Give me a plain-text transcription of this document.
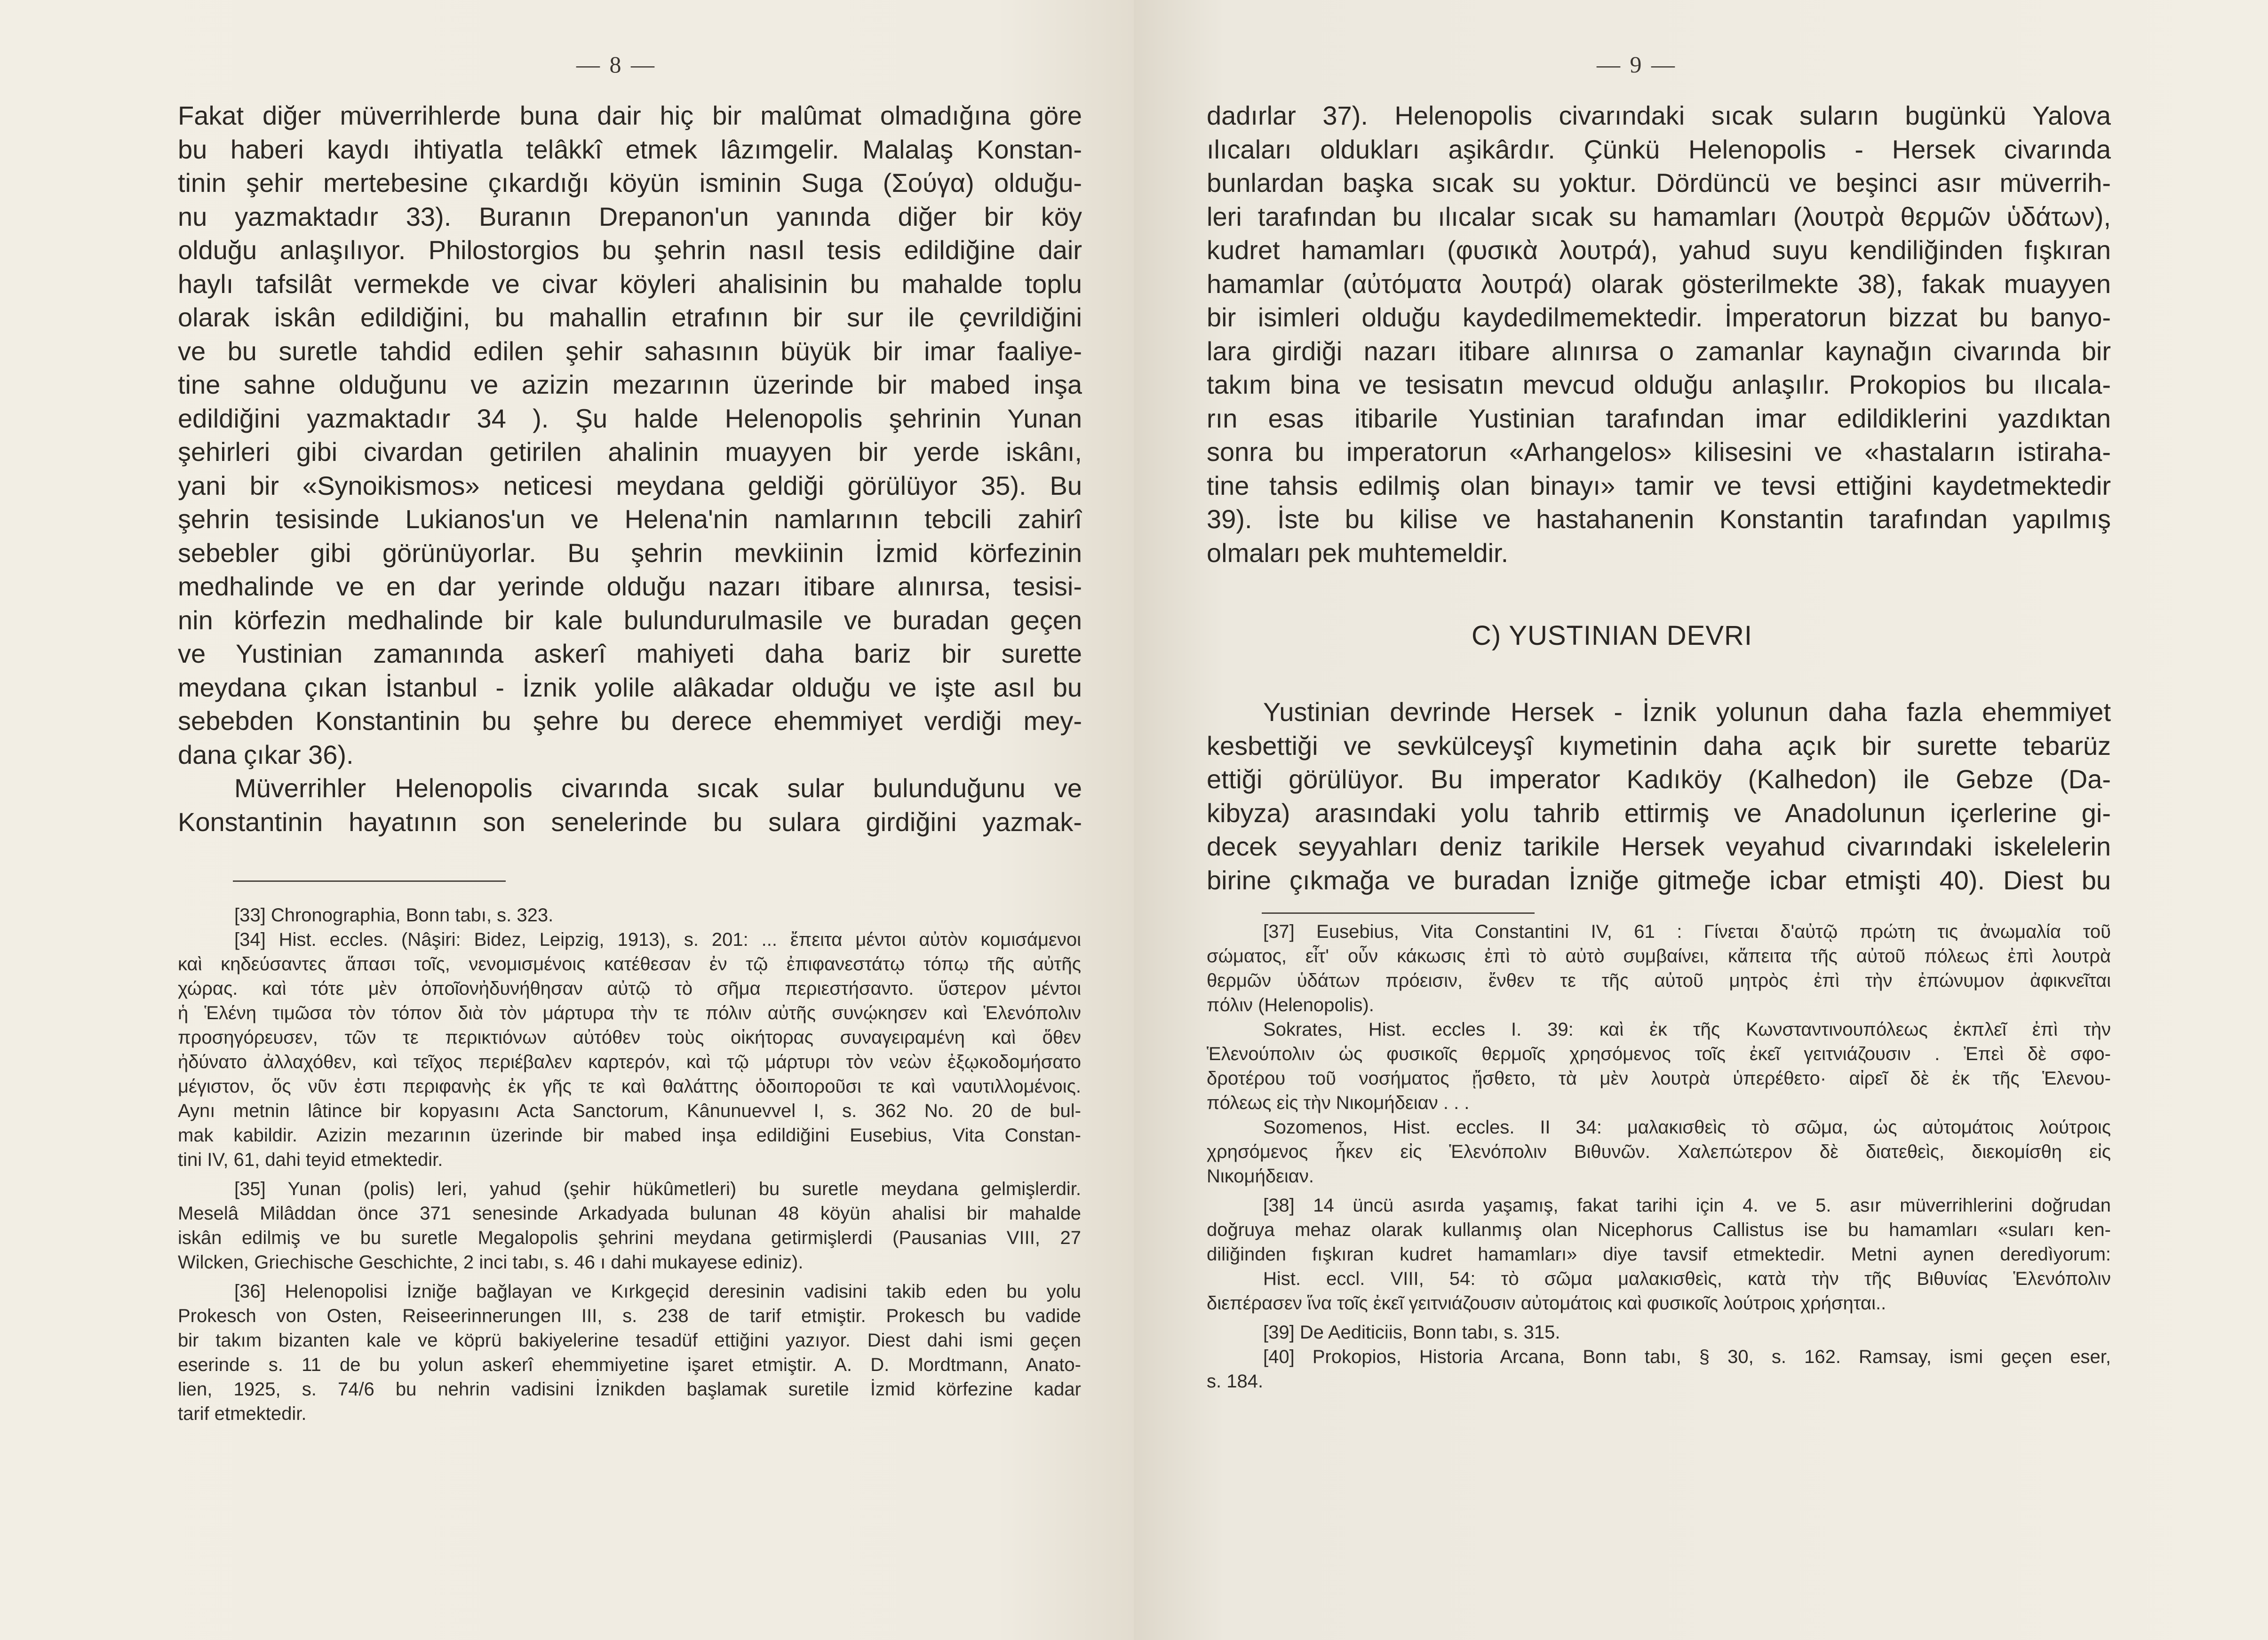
— 8 —
Fakat diğer müverrihlerde buna dair hiç bir malûmat olmadığına göre
bu haberi kaydı ihtiyatla telâkkî etmek lâzımgelir. Malalaş Konstan-
tinin şehir mertebesine çıkardığı köyün isminin Suga (Σούγα) olduğu-
nu yazmaktadır 33). Buranın Drepanon'un yanında diğer bir köy
olduğu anlaşılıyor. Philostorgios bu şehrin nasıl tesis edildiğine dair
haylı tafsilât vermekde ve civar köyleri ahalisinin bu mahalde toplu
olarak iskân edildiğini, bu mahallin etrafının bir sur ile çevrildiğini
ve bu suretle tahdid edilen şehir sahasının büyük bir imar faaliye-
tine sahne olduğunu ve azizin mezarının üzerinde bir mabed inşa
edildiğini yazmaktadır 34 ). Şu halde Helenopolis şehrinin Yunan
şehirleri gibi civardan getirilen ahalinin muayyen bir yerde iskânı,
yani bir «Synoikismos» neticesi meydana geldiği görülüyor 35). Bu
şehrin tesisinde Lukianos'un ve Helena'nin namlarının tebcili zahirî
sebebler gibi görünüyorlar. Bu şehrin mevkiinin İzmid körfezinin
medhalinde ve en dar yerinde olduğu nazarı itibare alınırsa, tesisi-
nin körfezin medhalinde bir kale bulundurulmasile ve buradan geçen
ve Yustinian zamanında askerî mahiyeti daha bariz bir surette
meydana çıkan İstanbul - İznik yolile alâkadar olduğu ve işte asıl bu
sebebden Konstantinin bu şehre bu derece ehemmiyet verdiği mey-
dana çıkar 36).
Müverrihler Helenopolis civarında sıcak sular bulunduğunu ve
Konstantinin hayatının son senelerinde bu sulara girdiğini yazmak-
[33] Chronographia, Bonn tabı, s. 323.
[34] Hist. eccles. (Nâşiri: Bidez, Leipzig, 1913), s. 201: ... ἔπειτα μέντοι αὐτὸν κομισάμενοι
καὶ κηδεύσαντες ἅπασι τοῖς, νενομισμένοις κατέθεσαν ἐν τῷ ἐπιφανεστάτῳ τόπῳ τῆς αὐτῆς
χώρας. καὶ τότε μὲν ὁποῖονἠδυνήθησαν αὐτῷ τὸ σῆμα περιεστήσαντο. ὕστερον μέντοι
ἡ Ἑλένη τιμῶσα τὸν τόπον διὰ τὸν μάρτυρα τὴν τε πόλιν αὐτῆς συνῴκησεν καὶ Ἑλενόπολιν
προσηγόρευσεν, τῶν τε περικτιόνων αὐτόθεν τοὺς οἰκήτορας συναγειραμένη καὶ ὅθεν
ἠδύνατο ἀλλαχόθεν, καὶ τεῖχος περιέβαλεν καρτερόν, καὶ τῷ μάρτυρι τὸν νεὼν ἐξῳκοδομήσατο
μέγιστον, ὅς νῦν ἐστι περιφανὴς ἐκ γῆς τε καὶ θαλάττης ὁδοιποροῦσι τε καὶ ναυτιλλομένοις.
Aynı metnin lâtince bir kopyasını Acta Sanctorum, Kânunuevvel I, s. 362 No. 20 de bul-
mak kabildir. Azizin mezarının üzerinde bir mabed inşa edildiğini Eusebius, Vita Constan-
tini IV, 61, dahi teyid etmektedir.
[35] Yunan (polis) leri, yahud (şehir hükûmetleri) bu suretle meydana gelmişlerdir.
Meselâ Milâddan önce 371 senesinde Arkadyada bulunan 48 köyün ahalisi bir mahalde
iskân edilmiş ve bu suretle Megalopolis şehrini meydana getirmişlerdi (Pausanias VIII, 27
Wilcken, Griechische Geschichte, 2 inci tabı, s. 46 ı dahi mukayese ediniz).
[36] Helenopolisi İzniğe bağlayan ve Kırkgeçid deresinin vadisini takib eden bu yolu
Prokesch von Osten, Reiseerinnerungen III, s. 238 de tarif etmiştir. Prokesch bu vadide
bir takım bizanten kale ve köprü bakiyelerine tesadüf ettiğini yazıyor. Diest dahi ismi geçen
eserinde s. 11 de bu yolun askerî ehemmiyetine işaret etmiştir. A. D. Mordtmann, Anato-
lien, 1925, s. 74/6 bu nehrin vadisini İznikden başlamak suretile İzmid körfezine kadar
tarif etmektedir.
— 9 —
dadırlar 37). Helenopolis civarındaki sıcak suların bugünkü Yalova
ılıcaları oldukları aşikârdır. Çünkü Helenopolis - Hersek civarında
bunlardan başka sıcak su yoktur. Dördüncü ve beşinci asır müverrih-
leri tarafından bu ılıcalar sıcak su hamamları (λουτρὰ θερμῶν ὑδάτων),
kudret hamamları (φυσικὰ λουτρά), yahud suyu kendiliğinden fışkıran
hamamlar (αὐτόματα λουτρά) olarak gösterilmekte 38), fakak muayyen
bir isimleri olduğu kaydedilmemektedir. İmperatorun bizzat bu banyo-
lara girdiği nazarı itibare alınırsa o zamanlar kaynağın civarında bir
takım bina ve tesisatın mevcud olduğu anlaşılır. Prokopios bu ılıcala-
rın esas itibarile Yustinian tarafından imar edildiklerini yazdıktan
sonra bu imperatorun «Arhangelos» kilisesini ve «hastaların istiraha-
tine tahsis edilmiş olan binayı» tamir ve tevsi ettiğini kaydetmektedir
39). İste bu kilise ve hastahanenin Konstantin tarafından yapılmış
olmaları pek muhtemeldir.
C) YUSTINIAN DEVRI
Yustinian devrinde Hersek - İznik yolunun daha fazla ehemmiyet
kesbettiği ve sevkülceyşî kıymetinin daha açık bir surette tebarüz
ettiği görülüyor. Bu imperator Kadıköy (Kalhedon) ile Gebze (Da-
kibyza) arasındaki yolu tahrib ettirmiş ve Anadolunun içerlerine gi-
decek seyyahları deniz tarikile Hersek veyahud civarındaki iskelelerin
birine çıkmağa ve buradan İzniğe gitmeğe icbar etmişti 40). Diest bu
[37] Eusebius, Vita Constantini IV, 61 : Γίνεται δ'αὐτῷ πρώτη τις ἀνωμαλία τοῦ
σώματος, εἶτ' οὖν κάκωσις ἐπὶ τὸ αὐτὸ συμβαίνει, κἄπειτα τῆς αὐτοῦ πόλεως ἐπὶ λουτρὰ
θερμῶν ὑδάτων πρόεισιν, ἔνθεν τε τῆς αὐτοῦ μητρὸς ἐπὶ τὴν ἐπώνυμον ἀφικνεῖται
πόλιν (Helenopolis).
Sokrates, Hist. eccles I. 39: καὶ ἐκ τῆς Κωνσταντινουπόλεως ἐκπλεῖ ἐπὶ τὴν
Ἑλενούπολιν ὡς φυσικοῖς θερμοῖς χρησόμενος τοῖς ἐκεῖ γειτνιάζουσιν . Ἐπεὶ δὲ σφο-
δροτέρου τοῦ νοσήματος ᾔσθετο, τὰ μὲν λουτρὰ ὑπερέθετο· αἰρεῖ δὲ ἐκ τῆς Ἑλενου-
πόλεως εἰς τὴν Νικομήδειαν . . .
Sozomenos, Hist. eccles. II 34: μαλακισθεὶς τὸ σῶμα, ὡς αὐτομάτοις λούτροις
χρησόμενος ἧκεν εἰς Ἑλενόπολιν Βιθυνῶν. Χαλεπώτερον δὲ διατεθεὶς, διεκομίσθη εἰς
Νικομήδειαν.
[38] 14 üncü asırda yaşamış, fakat tarihi için 4. ve 5. asır müverrihlerini doğrudan
doğruya mehaz olarak kullanmış olan Nicephorus Callistus ise bu hamamları «suları ken-
diliğinden fışkıran kudret hamamları» diye tavsif etmektedir. Metni aynen deredìyorum:
Hist. eccl. VIII, 54: τὸ σῶμα μαλακισθεὶς, κατὰ τὴν τῆς Βιθυνίας Ἑλενόπολιν
διεπέρασεν ἵνα τοῖς ἐκεῖ γειτνιάζουσιν αὐτομάτοις καὶ φυσικοῖς λούτροις χρήσηται..
[39] De Aediticiis, Bonn tabı, s. 315.
[40] Prokopios, Historia Arcana, Bonn tabı, § 30, s. 162. Ramsay, ismi geçen eser,
s. 184.
